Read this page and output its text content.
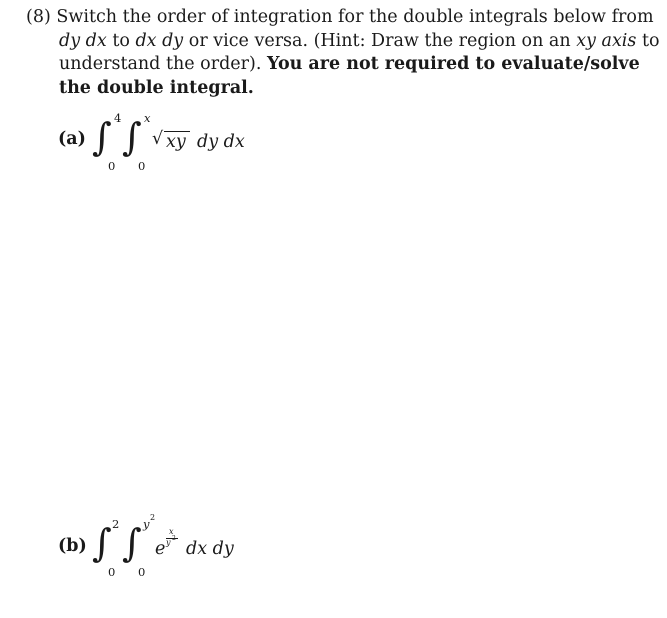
(8) Switch the order of integration for the double integrals below from
dy dx to dx dy or vice versa. (Hint: Draw the region on an xy axis to
understand the order). You are not required to evaluate/solve
the double integral.
(a) ∫ 4
0
∫ x
0
√ xy dy dx
(b) ∫ 2
0
∫ y 2
0
e
x
y 2
dx dy
